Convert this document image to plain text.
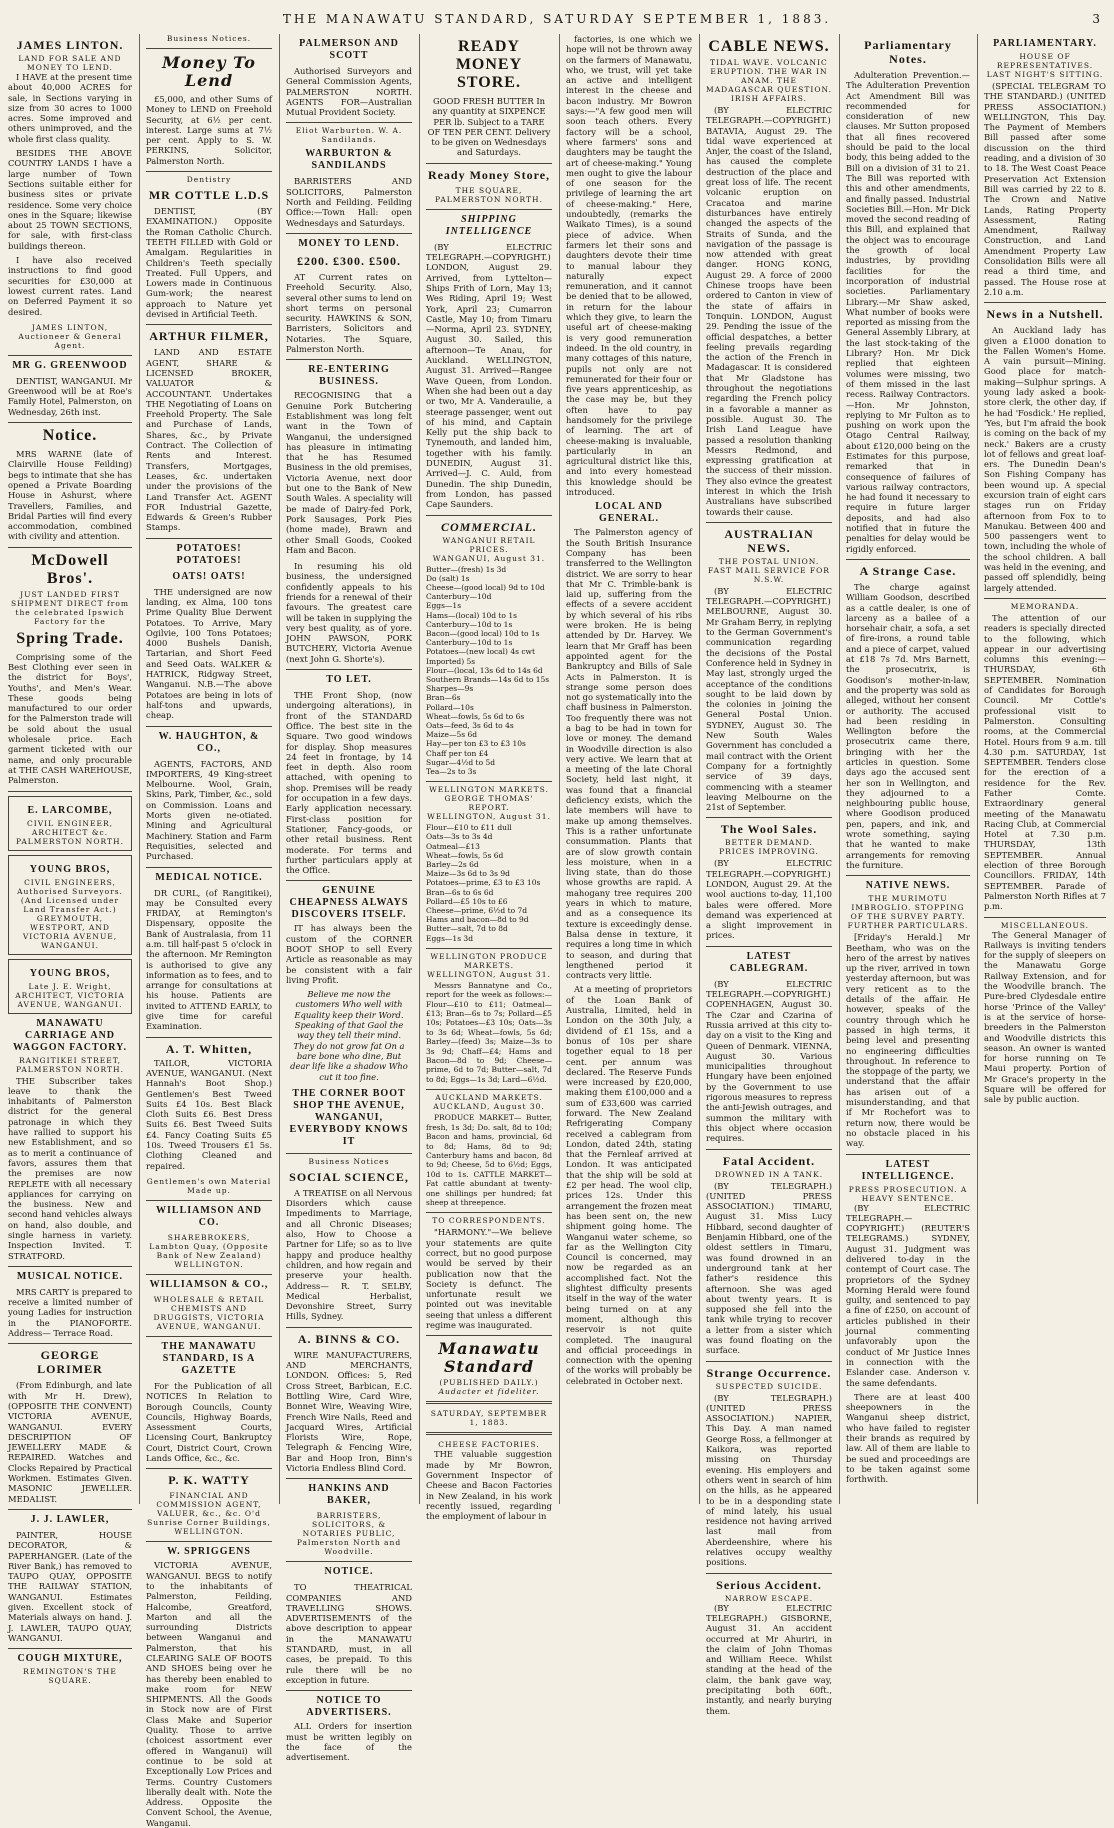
THE MANAWATU STANDARD, SATURDAY SEPTEMBER 1, 1883.	3
JAMES LINTON.
LAND FOR SALE AND MONEY TO LEND.

I HAVE at the present time about 40,000 ACRES for sale, in Sections varying in size from 30 acres to 1000 acres. Some improved and others unimproved, and the whole first class quality.

BESIDES THE ABOVE COUNTRY LANDS I have a large number of Town Sections suitable either for business sites or private residence. Some very choice ones in the Square; likewise about 25 TOWN SECTIONS, for sale, with first-class buildings thereon.

I have also received instructions to find good securities for £30,000 at lowest current rates. Land on Deferred Payment it so desired.

JAMES LINTON, Auctioneer & General Agent.
MR G. GREENWOOD

DENTIST, WANGANUI. Mr Greenwood will be at Roe's Family Hotel, Palmerston, on Wednesday, 26th inst.

Notice.

MRS WARNE (late of Clairville House Feilding) begs to intimate that she has opened a Private Boarding House in Ashurst, where Travellers, Families, and Bridal Parties will find every accommodation, combined with civility and attention.

McDowell Bros'.
JUST LANDED FIRST SHIPMENT DIRECT from the celebrated Ipswich Factory for the
Spring Trade.

Comprising some of the Best Clothing ever seen in the district for Boys', Youths', and Men's Wear. These goods being manufactured to our order for the Palmerston trade will be sold about the usual wholesale price. Each garment ticketed with our name, and only procurable at THE CASH WAREHOUSE, Palmerston.

E. LARCOMBE,
CIVIL ENGINEER, ARCHITECT &c. PALMERSTON NORTH.
YOUNG BROS,
CIVIL ENGINEERS, Authorised Surveyors. (And Licensed under Land Transfer Act.) GREYMOUTH, WESTPORT, AND VICTORIA AVENUE, WANGANUI.
YOUNG BROS,
Late J. E. Wright, ARCHITECT, VICTORIA AVENUE, WANGANUI.
MANAWATU CARRIAGE AND WAGGON FACTORY.
RANGITIKEI STREET, PALMERSTON NORTH.

THE Subscriber takes leave to thank the inhabitants of Palmerston district for the general patronage in which they have rallied to support his new Establishment, and so as to merit a continuance of favors, assures them that the premises are now REPLETE with all necessary appliances for carrying on the business. New and second hand vehicles always on hand, also double, and single harness in variety. Inspection Invited. T. STRATFORD.

MUSICAL NOTICE.

MRS CARTY is prepared to receive a limited number of young Ladies for instruction in the PIANOFORTE. Address— Terrace Road.

GEORGE LORIMER

(From Edinburgh, and late with Mr H. Drew), (OPPOSITE THE CONVENT) VICTORIA AVENUE, WANGANUI. EVERY DESCRIPTION OF JEWELLERY MADE & REPAIRED. Watches and Clocks Repaired by Practical Workmen. Estimates Given. MASONIC JEWELLER. MEDALIST.

J. J. LAWLER,

PAINTER, HOUSE DECORATOR, & PAPERHANGER. (Late of the River Bank,) has removed to TAUPO QUAY, OPPOSITE THE RAILWAY STATION, WANGANUI. Estimates given. Excellent stock of Materials always on hand. J. J. LAWLER, TAUPO QUAY, WANGANUI.

COUGH MIXTURE,
REMINGTON'S THE SQUARE.
Business Notices.
Money To Lend

£5,000, and other Sums of Money to LEND on Freehold Security, at 6½ per cent. interest. Large sums at 7½ per cent. Apply to S. W. PERKINS, Solicitor, Palmerston North.

Dentistry
MR COTTLE L.D.S

DENTIST, (BY EXAMINATION.) Opposite the Roman Catholic Church. TEETH FILLED with Gold or Amalgam. Regularities in Children's Teeth specially Treated. Full Uppers, and Lowers made in Continuous Gum-work; the nearest approach to Nature yet devised in Artificial Teeth.

ARTHUR FILMER,

LAND AND ESTATE AGENT, SHARE & LICENSED BROKER, VALUATOR & ACCOUNTANT. Undertakes THE Negotiating of Loans on Freehold Property. The Sale and Purchase of Lands, Shares, &c., by Private Contract. The Collection of Rents and Interest. Transfers, Mortgages, Leases, &c. undertaken under the provisions of the Land Transfer Act. AGENT FOR Industrial Gazette, Edwards & Green's Rubber Stamps.

POTATOES! POTATOES!
OATS! OATS!

THE undersigned are now landing, ex Alma, 100 tons Prime Quality Blue Derwent Potatoes. To Arrive, Mary Ogilvie, 100 Tons Potatoes; 4000 Bushels Danish, Tartarian, and Short Feed and Seed Oats. WALKER & HATRICK, Ridgway Street, Wanganui. N.B.—The above Potatoes are being in lots of half-tons and upwards, cheap.

W. HAUGHTON, & CO.,

AGENTS, FACTORS, AND IMPORTERS, 49 King-street Melbourne. Wool, Grain, Skins, Park, Timber, &c., sold on Commission. Loans and Morts given ne-otiated. Mining and Agricultural Machinery. Station and Farm Requisities, selected and Purchased.

MEDICAL NOTICE.

DR CURL, (of Rangitikei), may be Consulted every FRIDAY, at Remington's Dispensary, opposite the Bank of Australasia, from 11 a.m. till half-past 5 o'clock in the afternoon. Mr Remington is authorised to give any information as to fees, and to arrange for consultations at his house. Patients are invited to ATTEND EARLY, to give time for careful Examination.

A. T. Whitten,

TAILOR, VICTORIA AVENUE, WANGANUI. (Next Hannah's Boot Shop.) Gentlemen's Best Tweed Suits £4 10s. Best Black Cloth Suits £6. Best Dress Suits £6. Best Tweed Suits £4. Fancy Coating Suits £5 10s. Tweed Trousers £1 5s. Clothing Cleaned and repaired.

Gentlemen's own Material Made up.
WILLIAMSON AND CO.
SHAREBROKERS, Lambton Quay, (Opposite Bank of New Zealand) WELLINGTON.
WILLIAMSON & CO.,
WHOLESALE & RETAIL CHEMISTS AND DRUGGISTS, VICTORIA AVENUE, WANGANUI.
THE MANAWATU STANDARD, IS A GAZETTE

For the Publication of all NOTICES In Relation to Borough Councils, County Councils, Highway Boards, Assessment Courts, Licensing Court, Bankruptcy Court, District Court, Crown Lands Office, &c., &c.

P. K. WATTY
FINANCIAL AND COMMISSION AGENT, VALUER, &c., &c. O'd Sunrise Corner Buildings, WELLINGTON.
W. SPRIGGENS

VICTORIA AVENUE, WANGANUI. BEGS to notify to the inhabitants of Palmerston, Feilding, Halcombe, Greatford, Marton and all the surrounding Districts between Wanganui and Palmerston, that his CLEARING SALE OF BOOTS AND SHOES being over he has thereby been enabled to make room for NEW SHIPMENTS. All the Goods in Stock now are of First Class Make and Superior Quality. Those to arrive (choicest assortment ever offered in Wanganui) will continue to be sold at Exceptionally Low Prices and Terms. Country Customers liberally dealt with. Note the Address. Opposite the Convent School, the Avenue, Wanganui.

PALMERSON AND SCOTT

Authorised Surveyors and General Commission Agents, PALMERSTON NORTH. AGENTS FOR—Australian Mutual Provident Society.

Eliot Warburton. W. A. Sandilands.
WARBURTON & SANDILANDS

BARRISTERS AND SOLICITORS, Palmerston North and Feilding. Feilding Office:—Town Hall: open Wednesdays and Saturdays.

MONEY TO LEND.
£200. £300. £500.

AT Current rates on Freehold Security. Also, several other sums to lend on short terms on personal security. HAWKINS & SON, Barristers, Solicitors and Notaries. The Square, Palmerston North.

RE-ENTERING BUSINESS.

RECOGNISING that a Genuine Pork Butchering Establishment was long felt want in the Town of Wanganui, the undersigned has pleasure in intimating that he has Resumed Business in the old premises, Victoria Avenue, next door but one to the Bank of New South Wales. A speciality will be made of Dairy-fed Pork, Pork Sausages, Pork Pies (home made), Brawn and other Small Goods, Cooked Ham and Bacon.

In resuming his old business, the undersigned confidently appeals to his friends for a renewal of their favours. The greatest care will be taken in supplying the very best quality, as of yore. JOHN PAWSON, PORK BUTCHERY, Victoria Avenue (next John G. Shorte's).

TO LET.

THE Front Shop, (now undergoing alterations), in front of the STANDARD Office. The best site in the Square. Two good windows for display. Shop measures 24 feet in frontage, by 14 feet in depth. Also room attached, with opening to shop. Premises will be ready for occupation in a few days. Early application necessary. First-class position for Stationer, Fancy-goods, or other retail business. Rent moderate. For terms and further particulars apply at the Office.

GENUINE CHEAPNESS ALWAYS DISCOVERS ITSELF.

IT has always been the custom of the CORNER BOOT SHOP to sell Every Article as reasonable as may be consistent with a fair living Profit.

Believe me now the customers Who well with Equality keep their Word. Speaking of that Gaol the way they tell their mind. They do not grow fat On a bare bone who dine, But dear life like a shadow Who cut it too fine.

THE CORNER BOOT SHOP THE AVENUE, WANGANUI, EVERYBODY KNOWS IT
Business Notices
SOCIAL SCIENCE,

A TREATISE on all Nervous Disorders which cause Impediments to Marriage, and all Chronic Diseases; also, How to Choose a Partner for Life; so as to live happy and produce healthy children, and how regain and preserve your health. Address— R. T. SELBY, Medical Herbalist, Devonshire Street, Surry Hills, Sydney.

A. BINNS & CO.

WIRE MANUFACTURERS, AND MERCHANTS, LONDON. Offices: 5, Red Cross Street, Barbican, E.C. Bottling Wire, Card Wire, Bonnet Wire, Weaving Wire, French Wire Nails, Reed and Jacquard Wires, Artificial Florists Wire, Rope, Telegraph & Fencing Wire, Bar and Hoop Iron, Binn's Victoria Endless Blind Cord.

HANKINS AND BAKER,
BARRISTERS, SOLICITORS, & NOTARIES PUBLIC, Palmerston North and Woodville.
NOTICE.

TO THEATRICAL COMPANIES AND TRAVELLING SHOWS. ADVERTISEMENTS of the above description to appear in the MANAWATU STANDARD, must, in all cases, be prepaid. To this rule there will be no exception in future.

NOTICE TO ADVERTISERS.

ALL Orders for insertion must be written legibly on the face of the advertisement.

READY MONEY STORE.

GOOD FRESH BUTTER In any quantity at SIXPENCE PER lb. Subject to a TARE OF TEN PER CENT. Delivery to be given on Wednesdays and Saturdays.

Ready Money Store,
THE SQUARE, PALMERSTON NORTH.
SHIPPING INTELLIGENCE

(BY ELECTRIC TELEGRAPH.—COPYRIGHT.) LONDON, August 29. Arrived, from Lyttelton—Ships Frith of Lorn, May 13; Wes Riding, April 19; West York, April 23; Cumarron Castle, May 10; from Timaru—Norma, April 23. SYDNEY, August 30. Sailed, this afternoon—Te Anau, for Auckland. WELLINGTON, August 31. Arrived—Rangee Wave Queen, from London. When she had been out a day or two, Mr A. Vanderaulie, a steerage passenger, went out of his mind, and Captain Kelly put the ship back to Tynemouth, and landed him, together with his family. DUNEDIN, August 31. Arrived—J. C. Auld, from Dunedin. The ship Dunedin, from London, has passed Cape Saunders.

COMMERCIAL.
WANGANUI RETAIL PRICES.
WANGANUI, August 31.
Butter—(fresh) 1s 3d
Do (salt) 1s
Cheese—(good local) 9d to 10d
Canterbury—10d
Eggs—1s
Hams—(local) 10d to 1s
Canterbury—10d to 1s
Bacon—(good local) 10d to 1s
Canterbury—10d to 1s
Potatoes—(new local) 4s cwt
Imported) 5s
Flour—(local, 13s 6d to 14s 6d
Southern Brands—14s 6d to 15s
Sharpes—9s
Bran—6s
Pollard—10s
Wheat—fowls, 5s 6d to 6s
Oats—feed, 3s 6d to 4s
Maize—5s 6d
Hay—per ton £3 to £3 10s
Chaff per ton £4
Sugar—4½d to 5d
Tea—2s to 3s
WELLINGTON MARKETS.
GEORGE THOMAS' REPORT.
WELLINGTON, August 31.
Flour—£10 to £11 dull
Oats—3s to 3s 4d
Oatmeal—£13
Wheat—fowls, 5s 6d
Barley—2s 6d
Maize—3s 6d to 3s 9d
Potatoes—prime, £3 to £3 10s
Bran—6s to 6s 6d
Pollard—£5 10s to £6
Cheese—prime, 6½d to 7d
Hams and bacon—8d to 9d
Butter—salt, 7d to 8d
Eggs—1s 3d
WELLINGTON PRODUCE MARKETS.
WELLINGTON, August 31.

Messrs Bannatyne and Co., report for the week as follows:— Flour—£10 to £11; Oatmeal—£13; Bran—6s to 7s; Pollard—£5 10s; Potatoes—£3 10s; Oats—3s to 3s 6d; Wheat—fowls, 5s 6d; Barley—(feed) 3s; Maize—3s to 3s 9d; Chaff—£4; Hams and Bacon—8d to 9d; Cheese—prime, 6d to 7d; Butter—salt, 7d to 8d; Eggs—1s 3d; Lard—6½d.

AUCKLAND MARKETS.
AUCKLAND, August 30.

PRODUCE MARKET— Butter, fresh, 1s 3d; Do. salt, 8d to 10d; Bacon and hams, provincial, 6d to 8d; Hams, 8d to 9d; Canterbury hams and bacon, 8d to 9d; Cheese, 5d to 6½d; Eggs, 10d to 1s. CATTLE MARKET— Fat cattle abundant at twenty-one shillings per hundred; fat sheep at threepence.

TO CORRESPONDENTS.

"HARMONY."—We believe your statements are quite correct, but no good purpose would be served by their publication now that the Society is defunct. The unfortunate result we pointed out was inevitable seeing that unless a different regime was inaugurated.

Manawatu Standard
(PUBLISHED DAILY.)
Audacter et fideliter.
SATURDAY, SEPTEMBER 1, 1883.
CHEESE FACTORIES.

THE valuable suggestion made by Mr Bowron, Government Inspector of Cheese and Bacon Factories in New Zealand, in his work recently issued, regarding the employment of labour in

factories, is one which we hope will not be thrown away on the farmers of Manawatu, who, we trust, will yet take an active and intelligent interest in the cheese and bacon industry. Mr Bowron says:—"A few good men will soon teach others. Every factory will be a school, where farmers' sons and daughters may be taught the art of cheese-making." Young men ought to give the labour of one season for the privilege of learning the art of cheese-making." Here, undoubtedly, (remarks the Waikato Times), is a sound piece of advice. When farmers let their sons and daughters devote their time to manual labour they naturally expect remuneration, and it cannot be denied that to be allowed, in return for the labour which they give, to learn the useful art of cheese-making is very good remuneration indeed. In the old country, in many cottages of this nature, pupils not only are not remunerated for their four or five years apprenticeship, as the case may be, but they often have to pay handsomely for the privilege of learning. The art of cheese-making is invaluable, particularly in an agricultural district like this, and into every homestead this knowledge should be introduced.

LOCAL AND GENERAL.

The Palmerston agency of the South British Insurance Company has been transferred to the Wellington district. We are sorry to hear that Mr C. Trimble-bank is laid up, suffering from the effects of a severe accident by which several of his ribs were broken. He is being attended by Dr. Harvey. We learn that Mr Graff has been appointed agent for the Bankruptcy and Bills of Sale Acts in Palmerston. It is strange some person does not go systematically into the chaff business in Palmerston. Too frequently there was not a bag to be had in town for love or money. The demand in Woodville direction is also very active. We learn that at a meeting of the late Choral Society, held last night, it was found that a financial deficiency exists, which the late members will have to make up among themselves. This is a rather unfortunate consummation. Plants that are of slow growth contain less moisture, when in a living state, than do those whose growths are rapid. A mahogany tree requires 200 years in which to mature, and as a consequence its texture is exceedingly dense. Balsa dense in texture, it requires a long time in which to season, and during that lengthened period it contracts very little.

At a meeting of proprietors of the Loan Bank of Australia, Limited, held in London on the 30th July, a dividend of £1 15s, and a bonus of 10s per share together equal to 18 per cent. per annum was declared. The Reserve Funds were increased by £20,000, making them £100,000 and a sum of £33,600 was carried forward. The New Zealand Refrigerating Company received a cablegram from London, dated 24th, stating that the Fernleaf arrived at London. It was anticipated that the ship will be sold at £2 per head. The wool clip, prices 12s. Under this arrangement the frozen meat has been sent on, the new shipment going home. The Wanganui water scheme, so far as the Wellington City Council is concerned, may now be regarded as an accomplished fact. Not the slightest difficulty presents itself in the way of the water being turned on at any moment, although this reservoir is not quite completed. The inaugural and official proceedings in connection with the opening of the works will probably be celebrated in October next.

CABLE NEWS.
TIDAL WAVE. VOLCANIC ERUPTION. THE WAR IN ANAM. THE MADAGASCAR QUESTION. IRISH AFFAIRS.

(BY ELECTRIC TELEGRAPH.—COPYRIGHT.) BATAVIA, August 29. The tidal wave experienced at Anjer, the coast of the Island, has caused the complete destruction of the place and great loss of life. The recent volcanic eruption on Cracatoa and marine disturbances have entirely changed the aspects of the Straits of Sunda, and the navigation of the passage is now attended with great danger. HONG KONG, August 29. A force of 2000 Chinese troops have been ordered to Canton in view of the state of affairs in Tonquin. LONDON, August 29. Pending the issue of the official despatches, a better feeling prevails regarding the action of the French in Madagascar. It is considered that Mr Gladstone has throughout the negotiations regarding the French policy in a favorable a manner as possible. August 30. The Irish Land League have passed a resolution thanking Messrs Redmond, and expressing gratification at the success of their mission. They also evince the greatest interest in which the Irish Australians have subscribed towards their cause.

AUSTRALIAN NEWS.
THE POSTAL UNION. FAST MAIL SERVICE FOR N.S.W.

(BY ELECTRIC TELEGRAPH.—COPYRIGHT.) MELBOURNE, August 30. Mr Graham Berry, in replying to the German Government's communication regarding the decisions of the Postal Conference held in Sydney in May last, strongly urged the acceptance of the conditions sought to be laid down by the colonies in joining the General Postal Union. SYDNEY, August 30. The New South Wales Government has concluded a mail contract with the Orient Company for a fortnightly service of 39 days, commencing with a steamer leaving Melbourne on the 21st of September.

The Wool Sales.
BETTER DEMAND. PRICES IMPROVING.

(BY ELECTRIC TELEGRAPH.—COPYRIGHT.) LONDON, August 29. At the wool auctions to-day, 11,100 bales were offered. More demand was experienced at a slight improvement in prices.

LATEST CABLEGRAM.

(BY ELECTRIC TELEGRAPH.—COPYRIGHT.) COPENHAGEN, August 30. The Czar and Czarina of Russia arrived at this city to-day on a visit to the King and Queen of Denmark. VIENNA, August 30. Various municipalities throughout Hungary have been enjoined by the Government to use rigorous measures to repress the anti-Jewish outrages, and summon the military with this object where occasion requires.

Fatal Accident.
DROWNED IN A TANK.

(BY TELEGRAPH.) (UNITED PRESS ASSOCIATION.) TIMARU, August 31. Miss Lucy Hibbard, second daughter of Benjamin Hibbard, one of the oldest settlers in Timaru, was found drowned in an underground tank at her father's residence this afternoon. She was aged about twenty years. It is supposed she fell into the tank while trying to recover a letter from a sister which was found floating on the surface.

Strange Occurrence.
SUSPECTED SUICIDE.

(BY TELEGRAPH.) (UNITED PRESS ASSOCIATION.) NAPIER, This Day. A man named George Ross, a fellmonger at Kaikora, was reported missing on Thursday evening. His employers and others went in search of him on the hills, as he appeared to be in a desponding state of mind lately, his usual residence not having arrived last mail from Aberdeenshire, where his relatives occupy wealthy positions.

Serious Accident.
NARROW ESCAPE.

(BY ELECTRIC TELEGRAPH.) GISBORNE, August 31. An accident occurred at Mr Ahuriri, in the claim of John Thomas and William Reece. Whilst standing at the head of the claim, the bank gave way, precipitating both 60ft., instantly, and nearly burying them.

Parliamentary Notes.

Adulteration Prevention.—The Adulteration Prevention Act Amendment Bill was recommended for consideration of new clauses. Mr Sutton proposed that all fines recovered should be paid to the local body, this being added to the Bill on a division of 31 to 21. The Bill was reported with this and other amendments, and finally passed. Industrial Societies Bill.—Hon. Mr Dick moved the second reading of this Bill, and explained that the object was to encourage the growth of local industries, by providing facilities for the incorporation of industrial societies. Parliamentary Library.—Mr Shaw asked, What number of books were reported as missing from the General Assembly Library, at the last stock-taking of the Library? Hon. Mr Dick replied that eighteen volumes were missing, two of them missed in the last recess. Railway Contractors.—Hon. Mr Johnston, replying to Mr Fulton as to pushing on work upon the Otago Central Railway, about £120,000 being on the Estimates for this purpose, remarked that in consequence of failures of various railway contractors, he had found it necessary to require in future larger deposits, and had also notified that in future the penalties for delay would be rigidly enforced.

A Strange Case.

The charge against William Goodson, described as a cattle dealer, is one of larceny as a bailee of a horsehair chair, a sofa, a set of fire-irons, a round table and a piece of carpet, valued at £18 7s 7d. Mrs Barnett, the prosecutrix, is Goodison's mother-in-law, and the property was sold as alleged, without her consent or authority. The accused had been residing in Wellington before the prosecutrix came there, bringing with her the articles in question. Some days ago the accused sent her son in Wellington, and they adjourned to a neighbouring public house, where Goodison produced pen, papers, and ink, and wrote something, saying that he wanted to make arrangements for removing the furniture.

NATIVE NEWS.
THE MURIMOTU IMBROGLIO. STOPPING OF THE SURVEY PARTY. FURTHER PARTICULARS.

[Friday's Herald.] Mr Beetham, who was on the hero of the arrest by natives up the river, arrived in town yesterday afternoon, but was very reticent as to the details of the affair. He however, speaks of the country through which he passed in high terms, it being level and presenting no engineering difficulties throughout. In reference to the stoppage of the party, we understand that the affair has arisen out of a misunderstanding, and that if Mr Rochefort was to return now, there would be no obstacle placed in his way.

LATEST INTELLIGENCE.
PRESS PROSECUTION. A HEAVY SENTENCE.

(BY ELECTRIC TELEGRAPH.—COPYRIGHT.) (REUTER'S TELEGRAMS.) SYDNEY, August 31. Judgment was delivered to-day in the contempt of Court case. The proprietors of the Sydney Morning Herald were found guilty, and sentenced to pay a fine of £250, on account of articles published in their journal commenting unfavorably upon the conduct of Mr Justice Innes in connection with the Eslander case. Anderson v. the same defendants.

There are at least 400 sheepowners in the Wanganui sheep district, who have failed to register their brands as required by law. All of them are liable to be sued and proceedings are to be taken against some forthwith.

PARLIAMENTARY.
HOUSE OF REPRESENTATIVES. LAST NIGHT'S SITTING.

(SPECIAL TELEGRAM TO THE STANDARD.) (UNITED PRESS ASSOCIATION.) WELLINGTON, This Day. The Payment of Members Bill passed after some discussion on the third reading, and a division of 30 to 18. The West Coast Peace Preservation Act Extension Bill was carried by 22 to 8. The Crown and Native Lands, Rating Property Assessment, Rating Amendment, Railway Construction, and Land Amendment Property Law Consolidation Bills were all read a third time, and passed. The House rose at 2.10 a.m.

News in a Nutshell.

An Auckland lady has given a £1000 donation to the Fallen Women's Home. A vain pursuit—Mining. Good place for match-making—Sulphur springs. A young lady asked a book-store clerk, the other day, if he had 'Fosdick.' He replied, 'Yes, but I'm afraid the book is coming on the back of my neck.' Bakers are a crusty lot of fellows and great loaf-ers. The Dunedin Dean's Son Fishing Company has been wound up. A special excursion train of eight cars stages run on Friday afternoon from Fox to to Manukau. Between 400 and 500 passengers went to town, including the whole of the school children. A ball was held in the evening, and passed off splendidly, being largely attended.

MEMORANDA.

The attention of our readers is specially directed to the following, which appear in our advertising columns this evening:— THURSDAY, 6th SEPTEMBER. Nomination of Candidates for Borough Council. Mr Cottle's professional visit to Palmerston. Consulting rooms, at the Commercial Hotel. Hours from 9 a.m. till 4.30 p.m. SATURDAY, 1st SEPTEMBER. Tenders close for the erection of a residence for the Rev. Father Comte. Extraordinary general meeting of the Manawatu Racing Club, at Commercial Hotel at 7.30 p.m. THURSDAY, 13th SEPTEMBER. Annual election of three Borough Councillors. FRIDAY, 14th SEPTEMBER. Parade of Palmerston North Rifles at 7 p.m.

MISCELLANEOUS.

The General Manager of Railways is inviting tenders for the supply of sleepers on the Manawatu Gorge Railway Extension, and for the Woodville branch. The Pure-bred Clydesdale entire horse 'Prince of the Valley' is at the service of horse-breeders in the Palmerston and Woodville districts this season. An owner is wanted for horse running on Te Maui property. Portion of Mr Grace's property in the Square will be offered for sale by public auction.
